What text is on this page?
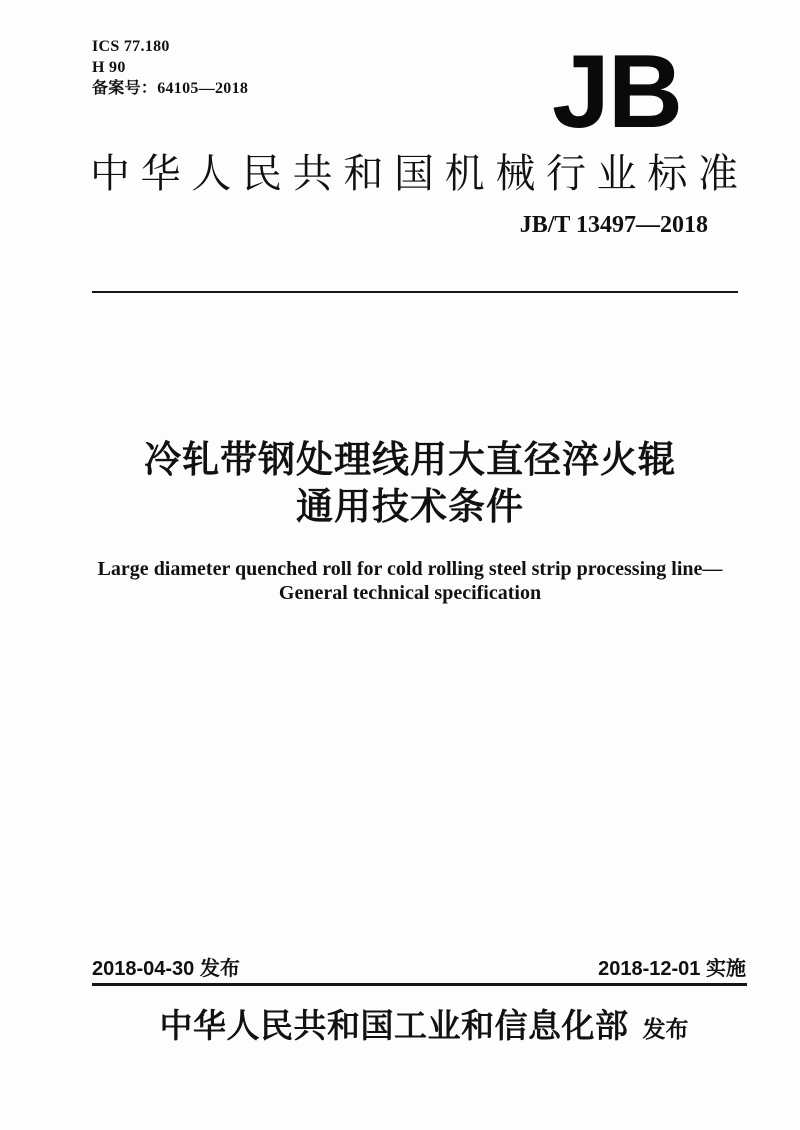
ICS 77.180
H 90
备案号：64105—2018	JB
中华人民共和国机械行业标准
JB/T 13497—2018
冷轧带钢处理线用大直径淬火辊
通用技术条件
Large diameter quenched roll for cold rolling steel strip processing line—
General technical specification
2018-04-30 发布	2018-12-01 实施
中华人民共和国工业和信息化部 发布
